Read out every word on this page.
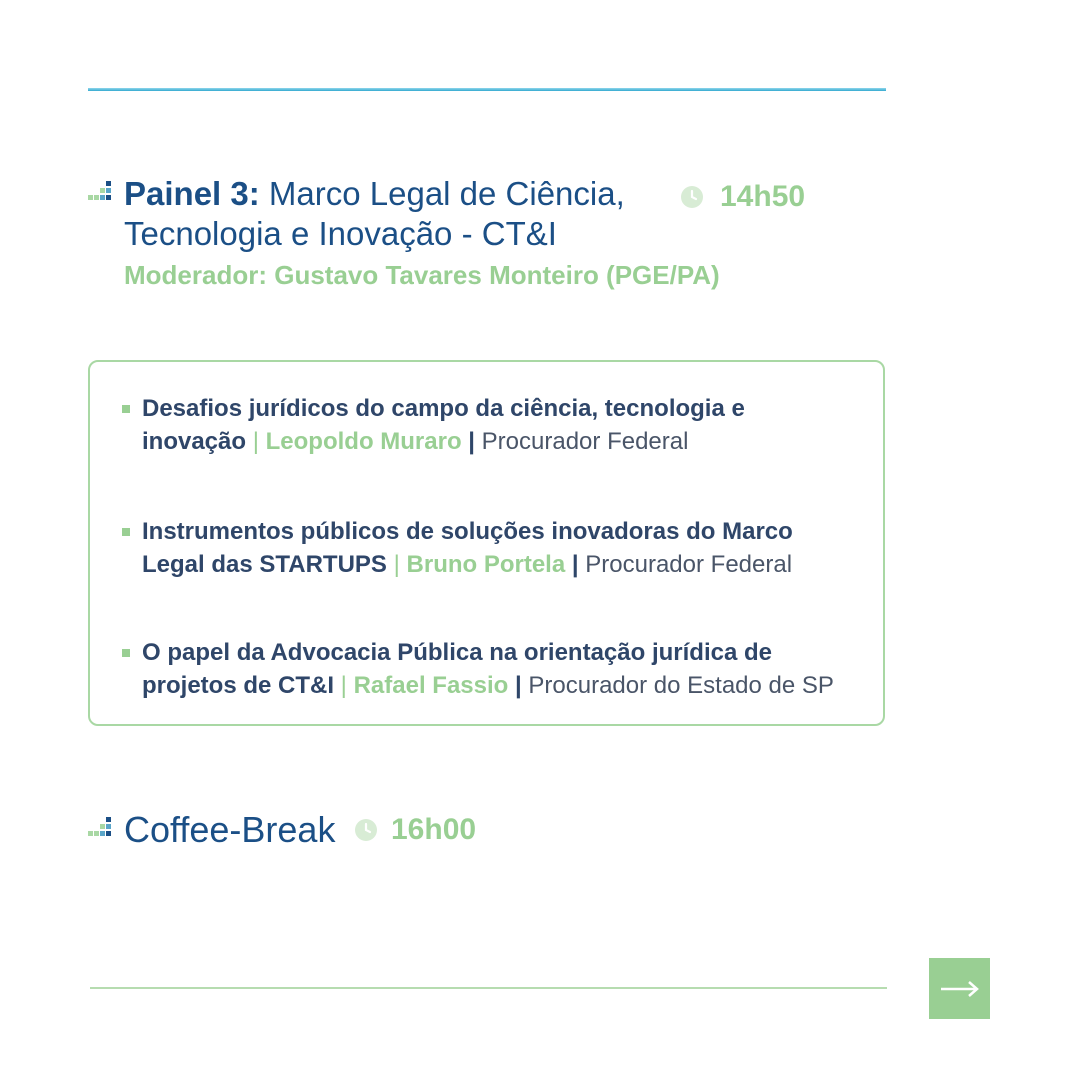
Painel 3: Marco Legal de Ciência,
Tecnologia e Inovação - CT&I
14h50
Moderador: Gustavo Tavares Monteiro (PGE/PA)
Desafios jurídicos do campo da ciência, tecnologia e
inovação | Leopoldo Muraro | Procurador Federal
Instrumentos públicos de soluções inovadoras do Marco
Legal das STARTUPS | Bruno Portela | Procurador Federal
O papel da Advocacia Pública na orientação jurídica de
projetos de CT&I | Rafael Fassio | Procurador do Estado de SP
Coffee-Break 16h00
